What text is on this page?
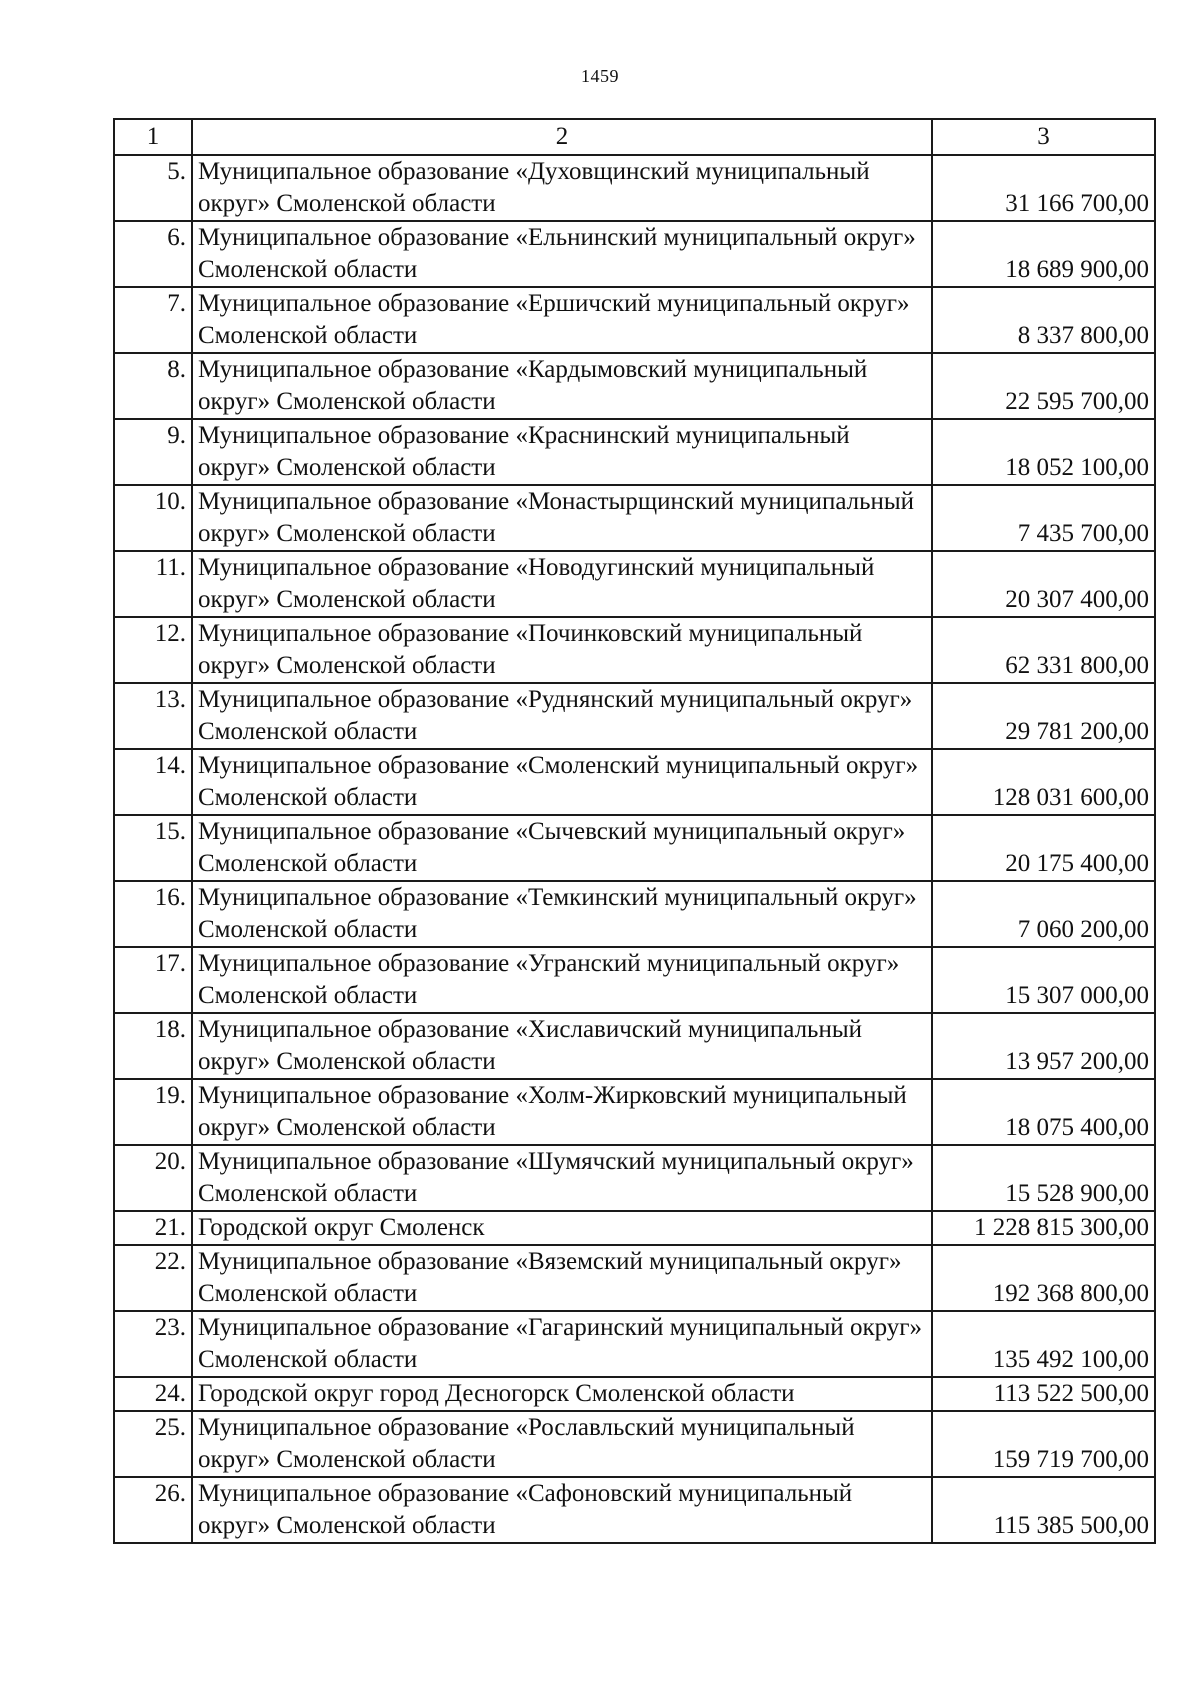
1459
1	2	3
5.	Муниципальное образование «Духовщинский муниципальный округ» Смоленской области	31 166 700,00
6.	Муниципальное образование «Ельнинский муниципальный округ» Смоленской области	18 689 900,00
7.	Муниципальное образование «Ершичский муниципальный округ» Смоленской области	8 337 800,00
8.	Муниципальное образование «Кардымовский муниципальный округ» Смоленской области	22 595 700,00
9.	Муниципальное образование «Краснинский муниципальный округ» Смоленской области	18 052 100,00
10.	Муниципальное образование «Монастырщинский муниципальный округ» Смоленской области	7 435 700,00
11.	Муниципальное образование «Новодугинский муниципальный округ» Смоленской области	20 307 400,00
12.	Муниципальное образование «Починковский муниципальный округ» Смоленской области	62 331 800,00
13.	Муниципальное образование «Руднянский муниципальный округ» Смоленской области	29 781 200,00
14.	Муниципальное образование «Смоленский муниципальный округ» Смоленской области	128 031 600,00
15.	Муниципальное образование «Сычевский муниципальный округ» Смоленской области	20 175 400,00
16.	Муниципальное образование «Темкинский муниципальный округ» Смоленской области	7 060 200,00
17.	Муниципальное образование «Угранский муниципальный округ» Смоленской области	15 307 000,00
18.	Муниципальное образование «Хиславичский муниципальный округ» Смоленской области	13 957 200,00
19.	Муниципальное образование «Холм-Жирковский муниципальный округ» Смоленской области	18 075 400,00
20.	Муниципальное образование «Шумячский муниципальный округ» Смоленской области	15 528 900,00
21.	Городской округ Смоленск	1 228 815 300,00
22.	Муниципальное образование «Вяземский муниципальный округ» Смоленской области	192 368 800,00
23.	Муниципальное образование «Гагаринский муниципальный округ» Смоленской области	135 492 100,00
24.	Городской округ город Десногорск Смоленской области	113 522 500,00
25.	Муниципальное образование «Рославльский муниципальный округ» Смоленской области	159 719 700,00
26.	Муниципальное образование «Сафоновский муниципальный округ» Смоленской области	115 385 500,00
